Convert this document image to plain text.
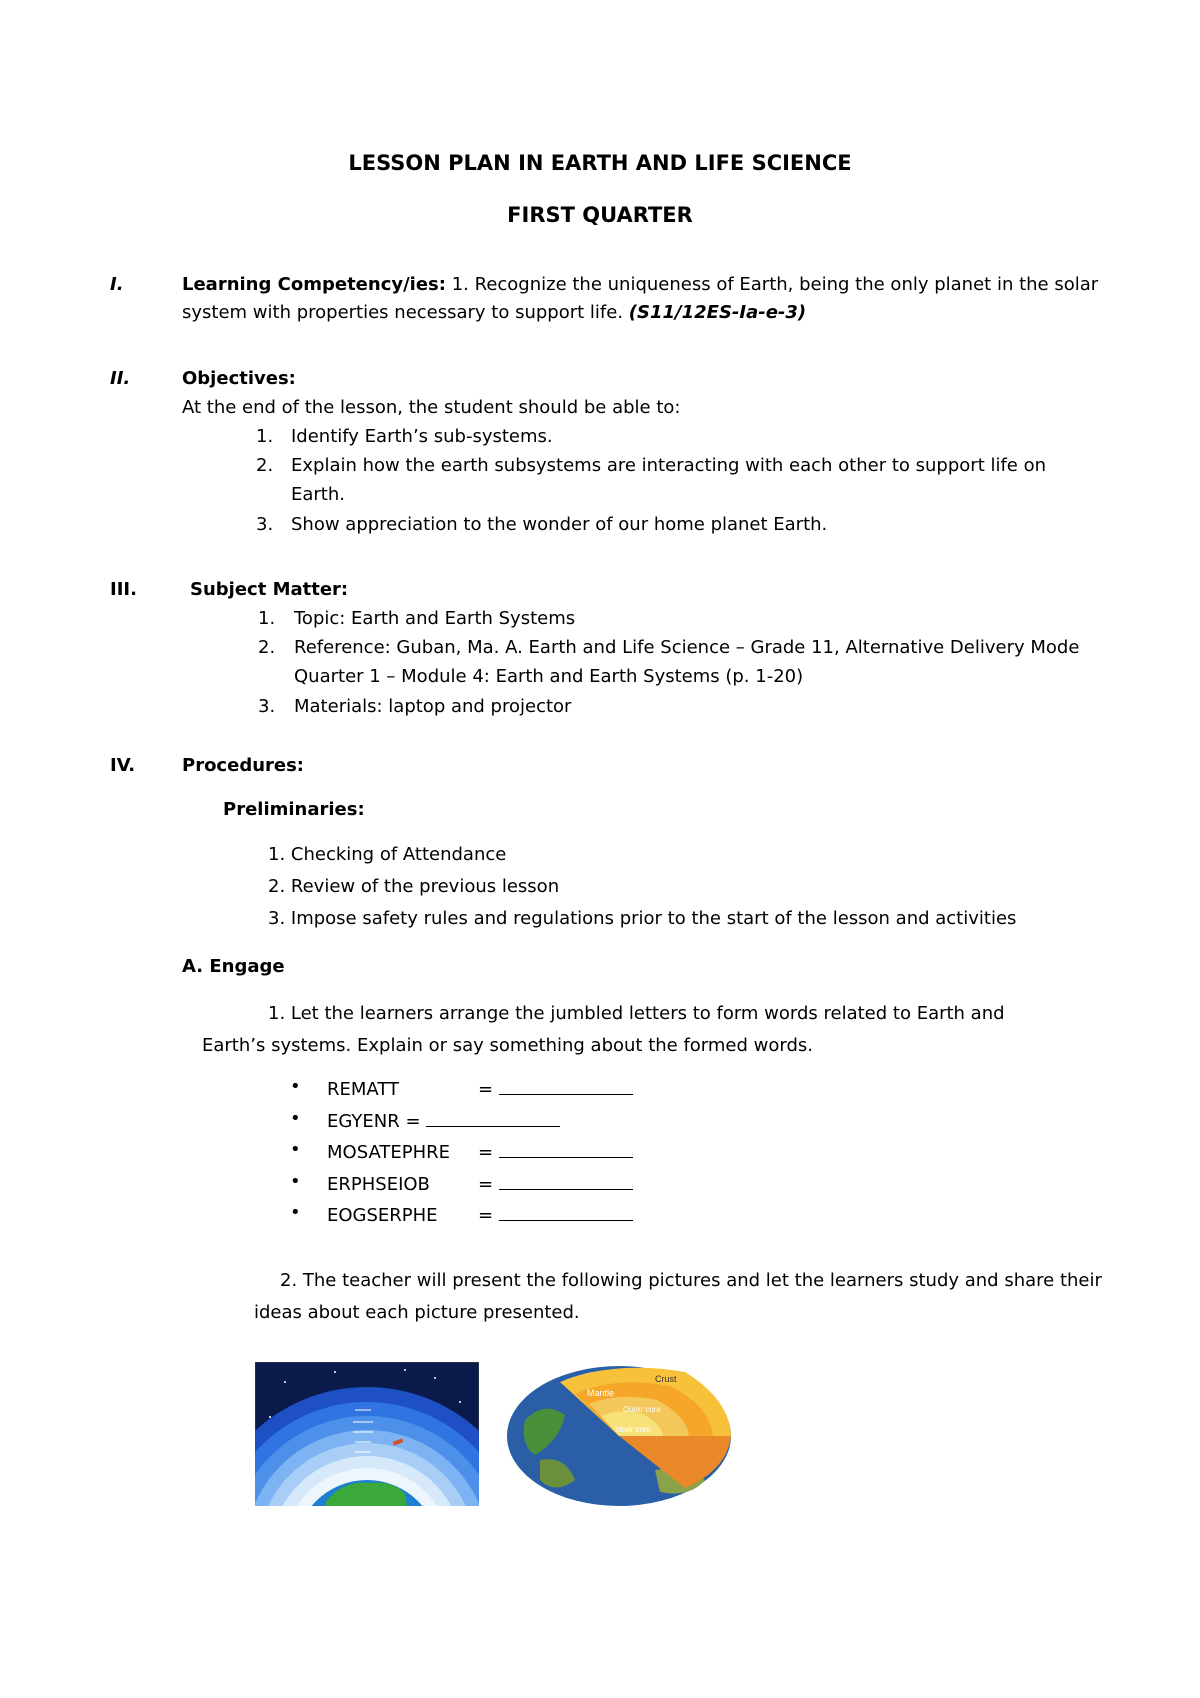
LESSON PLAN IN EARTH AND LIFE SCIENCE
FIRST QUARTER
I.	Learning Competency/ies: 1. Recognize the uniqueness of Earth, being the only planet in the solar
system with properties necessary to support life. (S11/12ES-Ia-e-3)
II.	Objectives:
At the end of the lesson, the student should be able to:
1. Identify Earth’s sub-systems.
2. Explain how the earth subsystems are interacting with each other to support life on
Earth.
3. Show appreciation to the wonder of our home planet Earth.
III.	Subject Matter:
1. Topic: Earth and Earth Systems
2. Reference: Guban, Ma. A. Earth and Life Science – Grade 11, Alternative Delivery Mode
Quarter 1 – Module 4: Earth and Earth Systems (p. 1-20)
3. Materials: laptop and projector
IV.	Procedures:
Preliminaries:
1. Checking of Attendance
2. Review of the previous lesson
3. Impose safety rules and regulations prior to the start of the lesson and activities
A. Engage
1. Let the learners arrange the jumbled letters to form words related to Earth and
Earth’s systems. Explain or say something about the formed words.
• REMATT	=
• EGYENR =
• MOSATEPHRE =
• ERPHSEIOB	=
• EOGSERPHE =
2. The teacher will present the following pictures and let the learners study and share their
ideas about each picture presented.
Crust
Mantle
Outer core
Inner core
